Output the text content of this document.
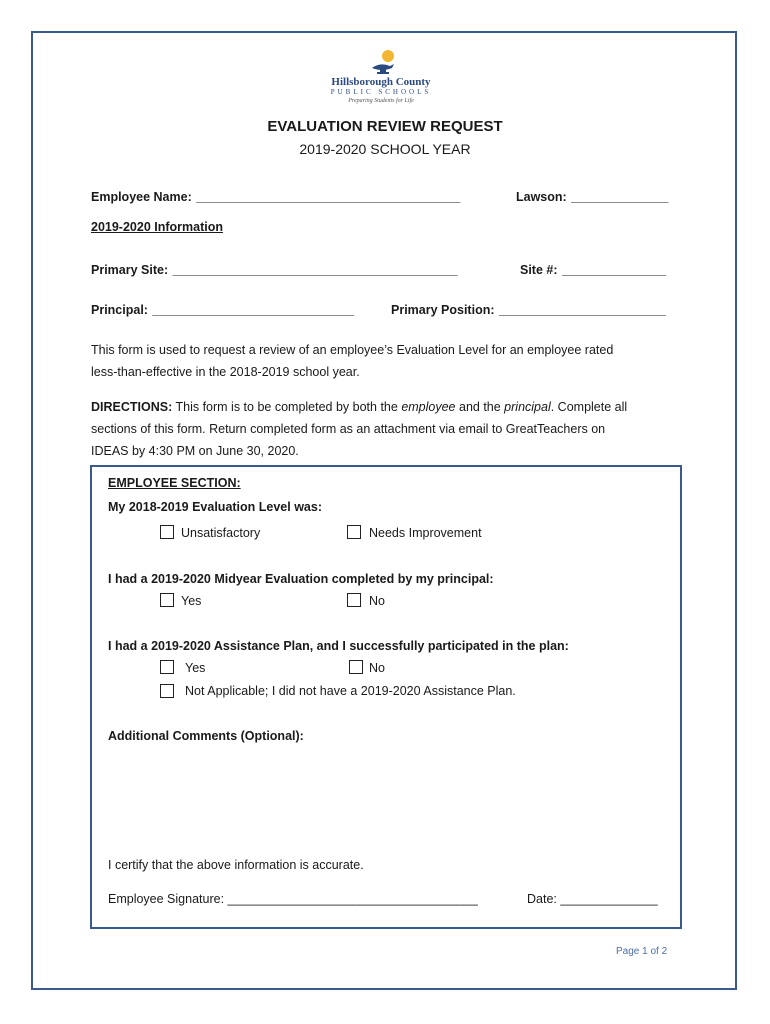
Hillsborough County
PUBLIC SCHOOLS
Preparing Students for Life
EVALUATION REVIEW REQUEST
2019-2020 SCHOOL YEAR
Employee Name: ______________________________________	Lawson: ______________
2019-2020 Information
Primary Site: _________________________________________	Site #: _______________
Principal: _____________________________	Primary Position: ________________________
This form is used to request a review of an employee’s Evaluation Level for an employee rated
less-than-effective in the 2018-2019 school year.
DIRECTIONS: This form is to be completed by both the employee and the principal. Complete all
sections of this form. Return completed form as an attachment via email to GreatTeachers on
IDEAS by 4:30 PM on June 30, 2020.
EMPLOYEE SECTION:
My 2018-2019 Evaluation Level was:
Unsatisfactory	Needs Improvement
I had a 2019-2020 Midyear Evaluation completed by my principal:
Yes	No
I had a 2019-2020 Assistance Plan, and I successfully participated in the plan:
Yes	No
Not Applicable; I did not have a 2019-2020 Assistance Plan.
Additional Comments (Optional):
I certify that the above information is accurate.
Employee Signature: ____________________________________	Date: ______________
Page 1 of 2
